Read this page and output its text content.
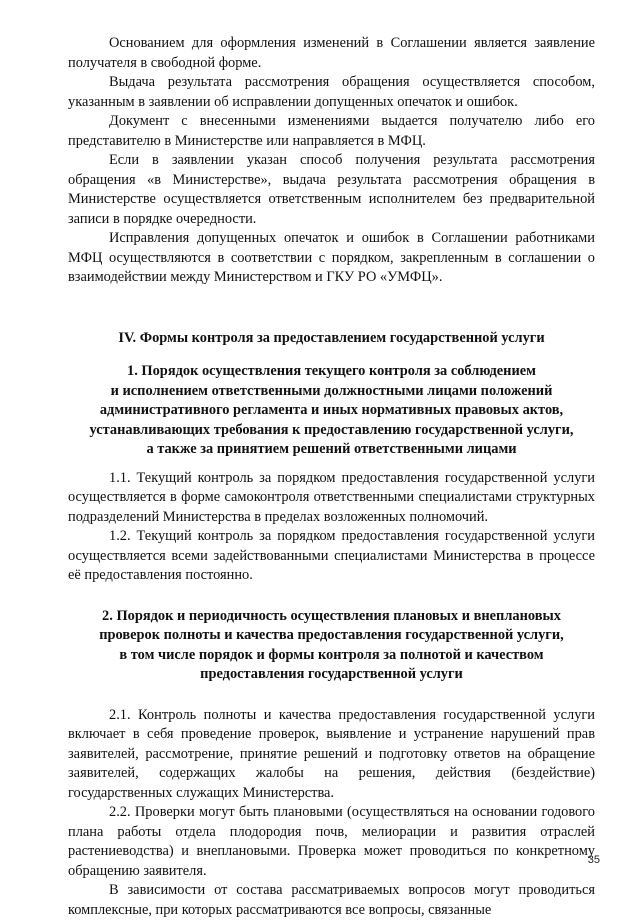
Основанием для оформления изменений в Соглашении является заявление получателя в свободной форме.

Выдача результата рассмотрения обращения осуществляется способом, указанным в заявлении об исправлении допущенных опечаток и ошибок.

Документ с внесенными изменениями выдается получателю либо его представителю в Министерстве или направляется в МФЦ.

Если в заявлении указан способ получения результата рассмотрения обращения «в Министерстве», выдача результата рассмотрения обращения в Министерстве осуществляется ответственным исполнителем без предварительной записи в порядке очередности.

Исправления допущенных опечаток и ошибок в Соглашении работниками МФЦ осуществляются в соответствии с порядком, закрепленным в соглашении о взаимодействии между Министерством и ГКУ РО «УМФЦ».

IV. Формы контроля за предоставлением государственной услуги
1. Порядок осуществления текущего контроля за соблюдением
и исполнением ответственными должностными лицами положений
административного регламента и иных нормативных правовых актов,
устанавливающих требования к предоставлению государственной услуги,
а также за принятием решений ответственными лицами

1.1. Текущий контроль за порядком предоставления государственной услуги осуществляется в форме самоконтроля ответственными специалистами структурных подразделений Министерства в пределах возложенных полномочий.

1.2. Текущий контроль за порядком предоставления государственной услуги осуществляется всеми задействованными специалистами Министерства в процессе её предоставления постоянно.

2. Порядок и периодичность осуществления плановых и внеплановых
проверок полноты и качества предоставления государственной услуги,
в том числе порядок и формы контроля за полнотой и качеством
предоставления государственной услуги

2.1. Контроль полноты и качества предоставления государственной услуги включает в себя проведение проверок, выявление и устранение нарушений прав заявителей, рассмотрение, принятие решений и подготовку ответов на обращение заявителей, содержащих жалобы на решения, действия (бездействие) государственных служащих Министерства.

2.2. Проверки могут быть плановыми (осуществляться на основании годового плана работы отдела плодородия почв, мелиорации и развития отраслей растениеводства) и внеплановыми. Проверка может проводиться по конкретному обращению заявителя.

В зависимости от состава рассматриваемых вопросов могут проводиться комплексные, при которых рассматриваются все вопросы, связанные

35
